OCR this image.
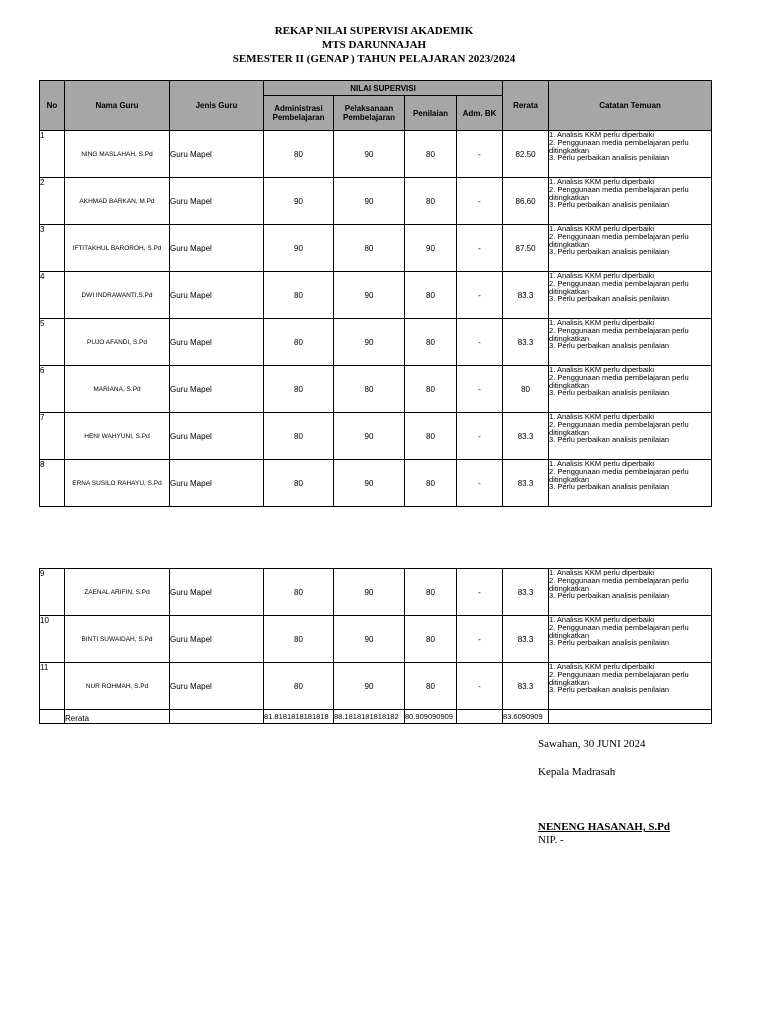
REKAP NILAI SUPERVISI AKADEMIK
MTS DARUNNAJAH
SEMESTER II (GENAP ) TAHUN PELAJARAN 2023/2024
No	Nama Guru	Jenis Guru	NILAI SUPERVISI				Rerata	Catatan Temuan
			Administrasi Pembelajaran	Pelaksanaan Pembelajaran	Penilaian	Adm. BK		
1	NING MASLAHAH, S.Pd	Guru Mapel	80	90	80	-	82.50	1. Analisis KKM perlu diperbaiki
2. Penggunaan media pembelajaran perlu ditingkatkan
3. Perlu perbaikan analisis penilaian

2	AKHMAD BARKAN, M.Pd	Guru Mapel	90	90	80	-	86.60	1. Analisis KKM perlu diperbaiki
2. Penggunaan media pembelajaran perlu ditingkatkan
3. Perlu perbaikan analisis penilaian

3	IFTITAKHUL BAROROH, S.Pd	Guru Mapel	90	80	90	-	87.50	1. Analisis KKM perlu diperbaiki
2. Penggunaan media pembelajaran perlu ditingkatkan
3. Perlu perbaikan analisis penilaian

4	DWI INDRAWANTI,S.Pd	Guru Mapel	80	90	80	-	83.3	1. Analisis KKM perlu diperbaiki
2. Penggunaan media pembelajaran perlu ditingkatkan
3. Perlu perbaikan analisis penilaian

5	PUJO AFANDI, S.Pd	Guru Mapel	80	90	80	-	83.3	1. Analisis KKM perlu diperbaiki
2. Penggunaan media pembelajaran perlu ditingkatkan
3. Perlu perbaikan analisis penilaian

6	MARIANA, S.Pd	Guru Mapel	80	80	80	-	80	1. Analisis KKM perlu diperbaiki
2. Penggunaan media pembelajaran perlu ditingkatkan
3. Perlu perbaikan analisis penilaian

7	HENI WAHYUNI, S.Pd	Guru Mapel	80	90	80	-	83.3	1. Analisis KKM perlu diperbaiki
2. Penggunaan media pembelajaran perlu ditingkatkan
3. Perlu perbaikan analisis penilaian

8	ERNA SUSILO RAHAYU, S.Pd	Guru Mapel	80	90	80	-	83.3	1. Analisis KKM perlu diperbaiki
2. Penggunaan media pembelajaran perlu ditingkatkan
3. Perlu perbaikan analisis penilaian
9	ZAENAL ARIFIN, S.Pd	Guru Mapel	80	90	80	-	83.3	1. Analisis KKM perlu diperbaiki
2. Penggunaan media pembelajaran perlu ditingkatkan
3. Perlu perbaikan analisis penilaian

10	BINTI SUWAIDAH, S.Pd	Guru Mapel	80	90	80	-	83.3	1. Analisis KKM perlu diperbaiki
2. Penggunaan media pembelajaran perlu ditingkatkan
3. Perlu perbaikan analisis penilaian

11	NUR ROHMAH, S.Pd	Guru Mapel	80	90	80	-	83.3	1. Analisis KKM perlu diperbaiki
2. Penggunaan media pembelajaran perlu ditingkatkan
3. Perlu perbaikan analisis penilaian

	Rerata		81.8181818181818	88.1818181818182	80.909090909		83.6090909	
Sawahan, 30 JUNI 2024
Kepala Madrasah
NENENG HASANAH, S.Pd
NIP. -
